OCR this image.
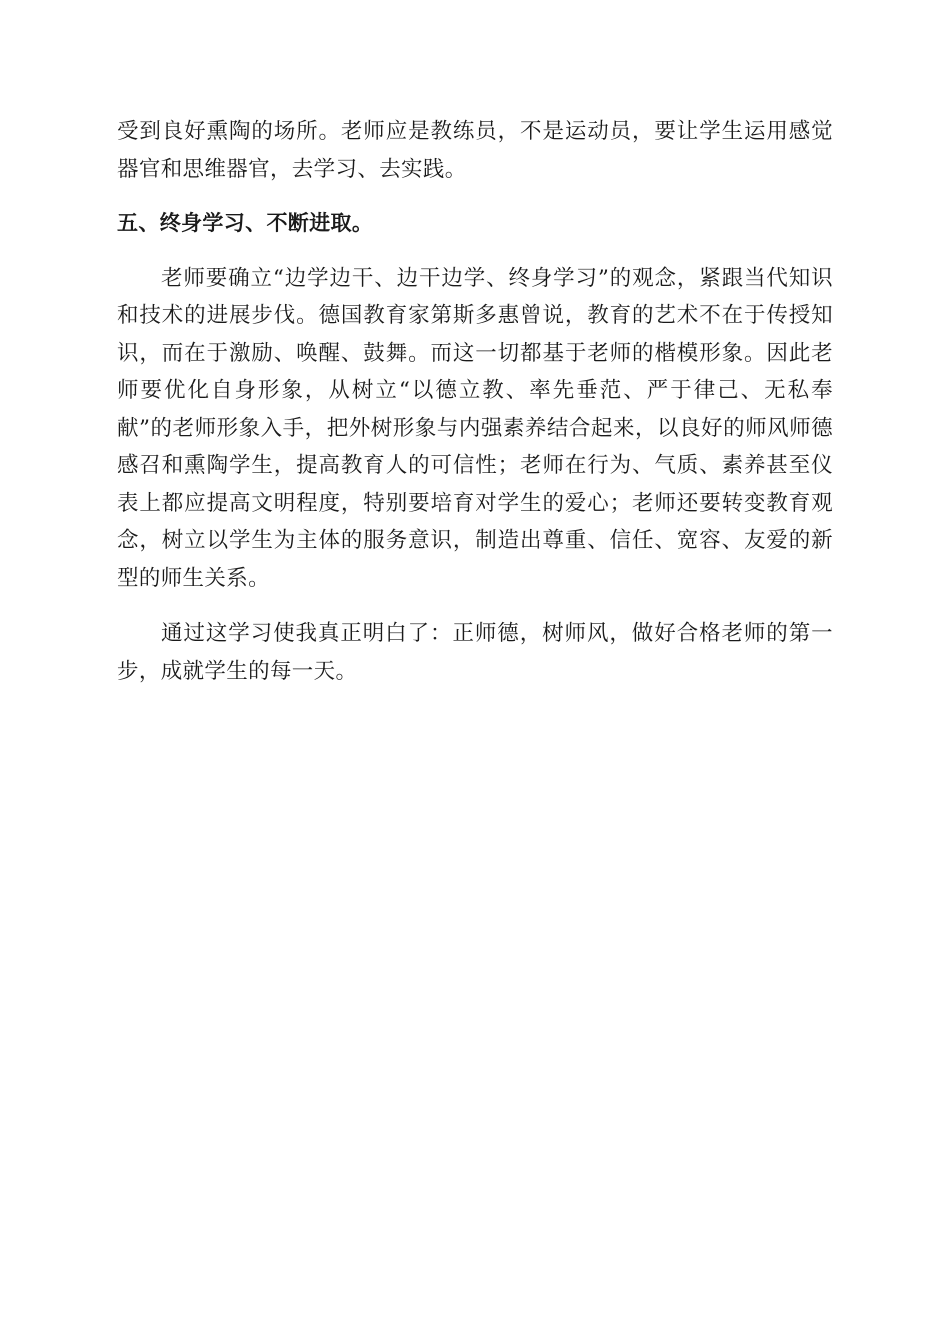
受到良好熏陶的场所。老师应是教练员，不是运动员，要让学生运用感觉器官和思维器官，去学习、去实践。

五、终身学习、不断进取。

老师要确立“边学边干、边干边学、终身学习”的观念，紧跟当代知识和技术的进展步伐。德国教育家第斯多惠曾说，教育的艺术不在于传授知识，而在于激励、唤醒、鼓舞。而这一切都基于老师的楷模形象。因此老师要优化自身形象，从树立“以德立教、率先垂范、严于律己、无私奉献”的老师形象入手，把外树形象与内强素养结合起来，以良好的师风师德感召和熏陶学生，提高教育人的可信性；老师在行为、气质、素养甚至仪表上都应提高文明程度，特别要培育对学生的爱心；老师还要转变教育观念，树立以学生为主体的服务意识，制造出尊重、信任、宽容、友爱的新型的师生关系。

通过这学习使我真正明白了：正师德，树师风，做好合格老师的第一步，成就学生的每一天。
